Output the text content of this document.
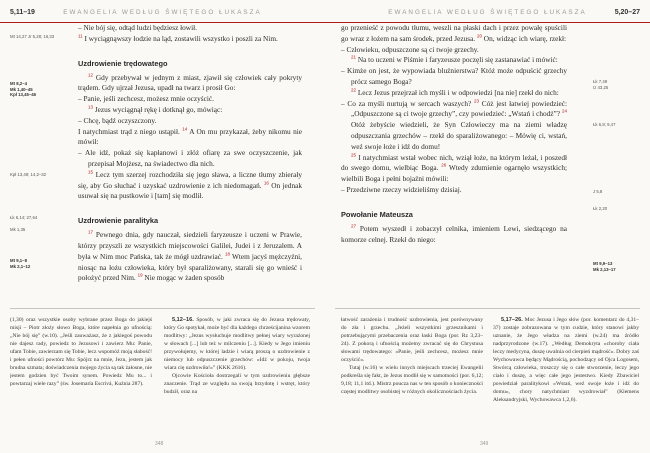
5,11–19	EWANGELIA WEDŁUG ŚWIĘTEGO ŁUKASZA
Mt 14,27 Jr 5,28; 16,33
Mt 8,2–4
Mk 1,40–45
Kpł 13,45–46
Kpł 13,49; 14,2–32
Łk 6,14; 27,64
Mk 1,35
Mt 9,1–8
Mk 2,1–12

– Nie bój się, odtąd ludzi będziesz łowił.

$^{11}$ I wyciągnąwszy łodzie na ląd, zostawili wszystko i poszli za Nim.

Uzdrowienie trędowatego

$^{12}$ Gdy przebywał w jednym z miast, zjawił się człowiek cały pokryty trądem. Gdy ujrzał Jezusa, upadł na twarz i prosił Go:

– Panie, jeśli zechcesz, możesz mnie oczyścić.

$^{13}$ Jezus wyciągnął rękę i dotknął go, mówiąc:

– Chcę, bądź oczyszczony.

I natychmiast trąd z niego ustąpił. $^{14}$ A On mu przykazał, żeby nikomu nie mówił:

– Ale idź, pokaż się kapłanowi i złóż ofiarę za swe oczyszczenie, jak przepisał Mojżesz, na świadectwo dla nich.

$^{15}$ Lecz tym szerzej rozchodziła się jego sława, a liczne tłumy zbierały się, aby Go słuchać i uzyskać uzdrowienie z ich niedomagań. $^{16}$ On jednak usuwał się na pustkowie i [tam] się modlił.

Uzdrowienie paralityka

$^{17}$ Pewnego dnia, gdy nauczał, siedzieli faryzeusze i uczeni w Prawie, którzy przyszli ze wszystkich miejscowości Galilei, Judei i z Jeruzalem. A była w Nim moc Pańska, tak że mógł uzdrawiać. $^{18}$ Wtem jacyś mężczyźni, niosąc na łożu człowieka, który był sparaliżowany, starali się go wnieść i położyć przed Nim. $^{19}$ Nie mogąc w żaden sposób

(1,30) oraz wszystkie osoby wybrane przez Boga do jakiejś misji – Piotr złoży słowo Boga, które napełnia go ufnością: „Nie bój się” (w.10). „Jeśli zauważasz, że z jakiegoś powodu nie dajesz rady, powiedz to Jezusowi i zawierz Mu: Panie, ufam Tobie, zawierzam się Tobie, lecz wspomóż moją słabość! i pełen ufności powtórz Mu: Spójrz na mnie, Jezu, jestem jak brudna szmata; doświadczenia mojego życia są tak żałosne, nie jestem godzien być Twoim synem. Powiedz Mu to... i powtarzaj wiele razy” (św. Josemaría Escrivá, Kuźnia 287).

5,12–16. Sposób, w jaki zwraca się do Jezusa trędowaty, który Go spotykał, może być dla każdego chrześcijanina wzorem modlitwy: „Jezus wysłuchuje modlitwy pełnej wiary wyrażonej w słowach [...] lub też w milczeniu [...]. Kiedy w Jego imieniu przywołujemy, w której ladzie i wiarą proszą o uzdrowienie z niemocy lub odpuszczenie grzechów: »Idź w pokoju, twoja wiara cię uzdrowiła!«” (KKK 2616).

Ojcowie Kościoła dostrzegali w tym uzdrowieniu głębsze znaczenie. Trąd ze względu na swoją brzydotę i wstręt, który budził, oraz na

348
EWANGELIA WEDŁUG ŚWIĘTEGO ŁUKASZA	5,20–27

go przenieść z powodu tłumu, weszli na płaski dach i przez powałę spuścili go wraz z łożem na sam środek, przed Jezusa. $^{20}$ On, widząc ich wiarę, rzekł:

– Człowieku, odpuszczone są ci twoje grzechy.

$^{21}$ Na to uczeni w Piśmie i faryzeusze poczęli się zastanawiać i mówić:

– Kimże on jest, że wypowiada bluźnierstwa? Któż może odpuścić grzechy prócz samego Boga?

$^{22}$ Lecz Jezus przejrzał ich myśli i w odpowiedzi [na nie] rzekł do nich:

– Co za myśli nurtują w sercach waszych? $^{23}$ Cóż jest łatwiej powiedzieć: „Odpuszczone są ci twoje grzechy”, czy powiedzieć: „Wstań i chodź”? $^{24}$ Otóż żebyście wiedzieli, że Syn Człowieczy ma na ziemi władzę odpuszczania grzechów – rzekł do sparaliżowanego: – Mówię ci, wstań, weź swoje łoże i idź do domu!

$^{25}$ I natychmiast wstał wobec nich, wziął łoże, na którym leżał, i poszedł do swego domu, wielbiąc Boga. $^{26}$ Wtedy zdumienie ogarnęło wszystkich; wielbili Boga i pełni bojaźni mówili:

– Przedziwne rzeczy widzieliśmy dzisiaj.

Powołanie Mateusza

$^{27}$ Potem wyszedł i zobaczył celnika, imieniem Lewi, siedzącego na komorze celnej. Rzekł do niego:

Łk 7,49
Iz 43,25
Łk 6,8; 9,47
J 5,8
Łk 2,20
Mt 9,9–13
Mk 2,13–17

łatwość zarażenia i trudność uzdrowienia, jest porównywany do zła i grzechu. „Jeżeli wszystkimi grzesznikami i potrzebującymi przebaczenia oraz łaski Boga (por. Rz 3,23–24). Z pokorą i ufnością możemy zwracać się do Chrystusa słowami trędowatego: »Panie, jeśli zechcesz, możesz mnie oczyścić«.

Tutaj (w.16) w wielu innych miejscach trzeciej Ewangelii podkreśla się fakt, że Jezus modlił się w samotności (por. 6,12; 9,18; 11,1 itd.). Mistrz poucza nas w ten sposób o konieczności częstej modlitwy osobistej w różnych okolicznościach życia.

5,17–26. Moc Jezusa i Jego słów (por. komentarz do 4,31–37) zostaje zobrazowana w tym cudzie, który stanowi jakby uznanie, że Jego władza na ziemi (w.24) ma źródło nadprzyrodzone (w.17). „Według Demokryta »choroby ciała leczy medycyna, duszę uwalnia od cierpień mądrość«. Dobry zaś Wychowawca będący Mądrością, pochodzący od Ojca Logosem, Stwórcą człowieka, troszczy się o całe stworzenie, leczy jego ciało i duszę, a więc całe jego jestestwo. Kiedy Zbawiciel powiedział paralitykowi »Wstań, weź swoje łoże i idź do domu«, chory natychmiast wyzdrowiał” (Klemens Aleksandryjski, Wychowawca 1,2,6).

349
